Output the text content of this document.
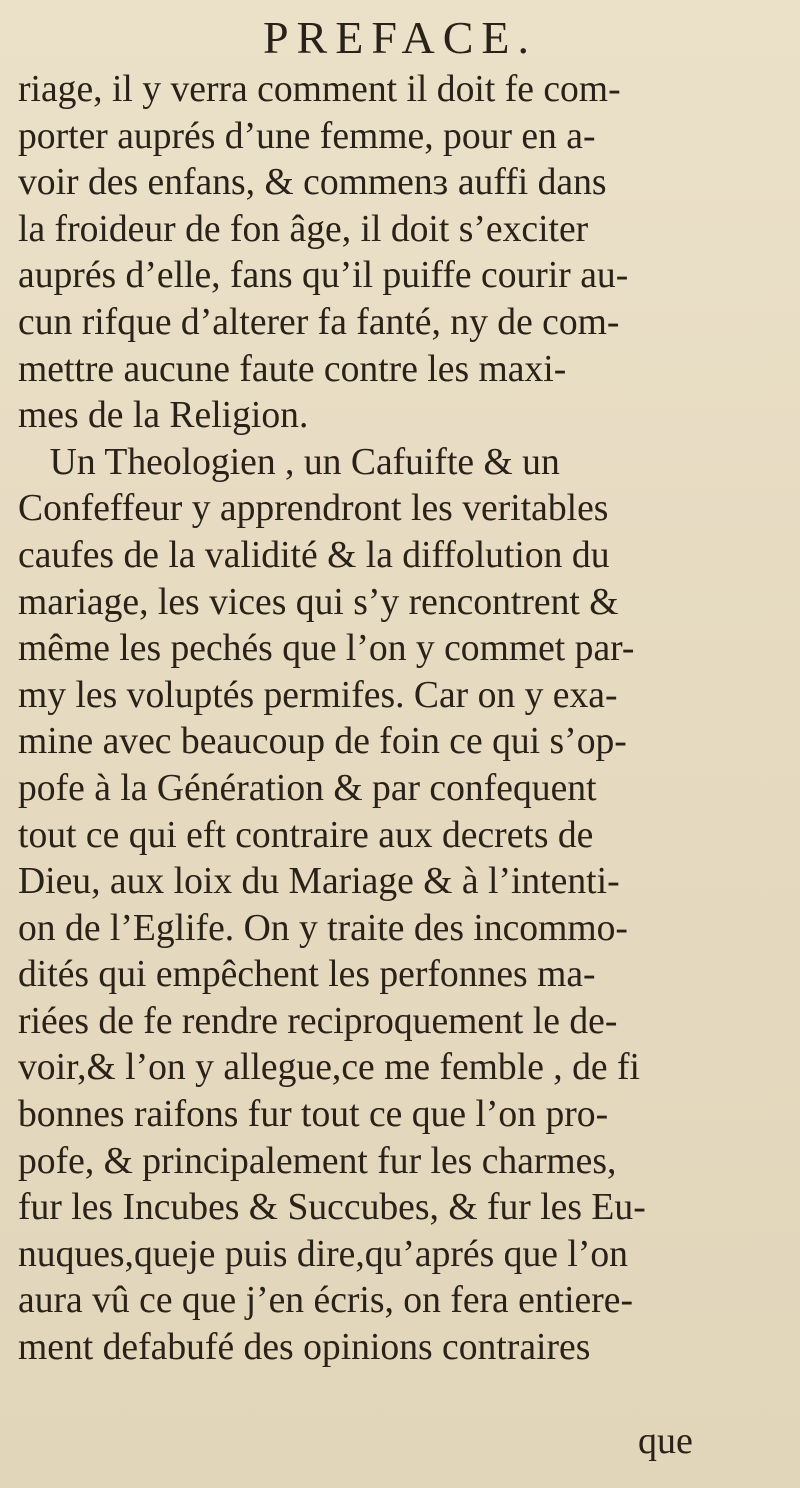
PREFACE.
riage, il y verra comment il doit fe com-
porter auprés d’une femme, pour en a-
voir des enfans, & commenɜ auffi dans
la froideur de fon âge, il doit s’exciter
auprés d’elle, fans qu’il puiffe courir au-
cun rifque d’alterer fa fanté, ny de com-
mettre aucune faute contre les maxi-
mes de la Religion.
Un Theologien , un Cafuifte & un
Confeffeur y apprendront les veritables
caufes de la validité & la diffolution du
mariage, les vices qui s’y rencontrent &
même les pechés que l’on y commet par-
my les voluptés permifes. Car on y exa-
mine avec beaucoup de foin ce qui s’op-
pofe à la Génération & par confequent
tout ce qui eft contraire aux decrets de
Dieu, aux loix du Mariage & à l’intenti-
on de l’Eglife. On y traite des incommo-
dités qui empêchent les perfonnes ma-
riées de fe rendre reciproquement le de-
voir,& l’on y allegue,ce me femble , de fi
bonnes raifons fur tout ce que l’on pro-
pofe, & principalement fur les charmes,
fur les Incubes & Succubes, & fur les Eu-
nuques,queje puis dire,qu’aprés que l’on
aura vû ce que j’en écris, on fera entiere-
ment defabufé des opinions contraires
que
